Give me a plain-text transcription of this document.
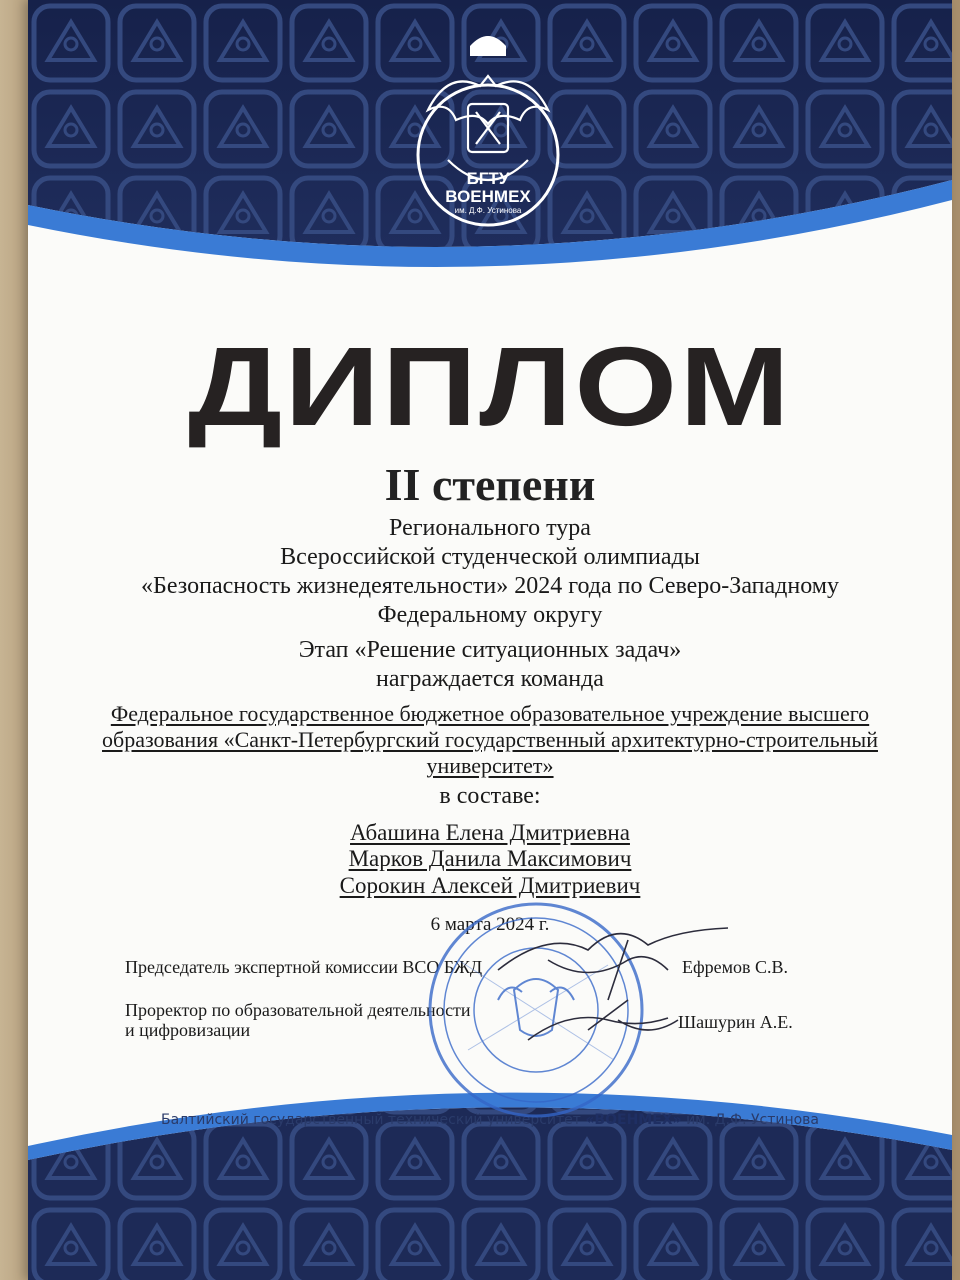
БГТУ
ВОЕНМЕХ
им. Д.Ф. Устинова
ДИПЛОМ
II степени
Регионального тура
Всероссийской студенческой олимпиады
«Безопасность жизнедеятельности» 2024 года по Северо-Западному
Федеральному округу
Этап «Решение ситуационных задач»
награждается команда
Федеральное государственное бюджетное образовательное учреждение высшего
образования «Санкт-Петербургский государственный архитектурно-строительный
университет»
в составе:
Абашина Елена Дмитриевна
Марков Данила Максимович
Сорокин Алексей Дмитриевич
6 марта 2024 г.
Председатель экспертной комиссии ВСО БЖД	Ефремов С.В.
Проректор по образовательной деятельности
и цифровизации	Шашурин А.Е.
Балтийский государственный технический университет «ВОЕНМЕХ» им. Д.Ф. Устинова
